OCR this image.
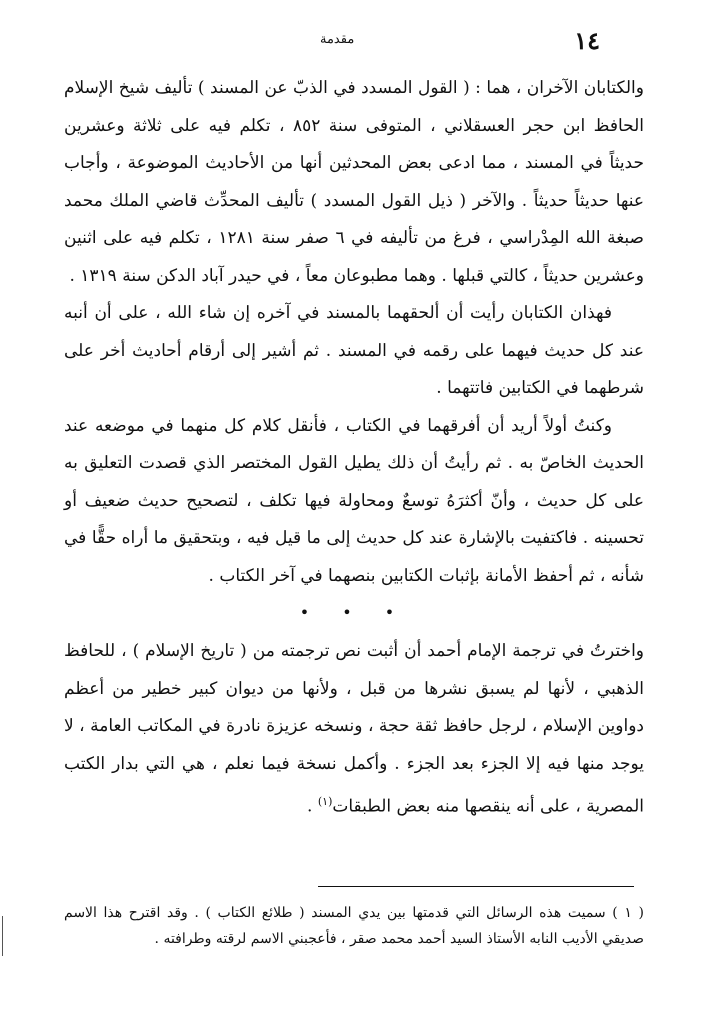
١٤
مقدمة

والكتابان الآخران ، هما : ( القول المسدد في الذبّ عن المسند ) تأليف شيخ الإسلام الحافظ ابن حجر العسقلاني ، المتوفى سنة ٨٥٢ ، تكلم فيه على ثلاثة وعشرين حديثاً في المسند ، مما ادعى بعض المحدثين أنها من الأحاديث الموضوعة ، وأجاب عنها حديثاً حديثاً . والآخر ( ذيل القول المسدد ) تأليف المحدِّث قاضي الملك محمد صبغة الله المِدْراسي ، فرغ من تأليفه في ٦ صفر سنة ١٢٨١ ، تكلم فيه على اثنين وعشرين حديثاً ، كالتي قبلها . وهما مطبوعان معاً ، في حيدر آباد الدكن سنة ١٣١٩ .

فهذان الكتابان رأيت أن ألحقهما بالمسند في آخره إن شاء الله ، على أن أنبه عند كل حديث فيهما على رقمه في المسند . ثم أشير إلى أرقام أحاديث أخر على شرطهما في الكتابين فاتتهما .

وكنتُ أولاً أريد أن أفرقهما في الكتاب ، فأنقل كلام كل منهما في موضعه عند الحديث الخاصّ به . ثم رأيتُ أن ذلك يطيل القول المختصر الذي قصدت التعليق به على كل حديث ، وأنّ أكثرَهُ توسعٌ ومحاولة فيها تكلف ، لتصحيح حديث ضعيف أو تحسينه . فاكتفيت بالإشارة عند كل حديث إلى ما قيل فيه ، وبتحقيق ما أراه حقًّا في شأنه ، ثم أحفظ الأمانة بإثبات الكتابين بنصهما في آخر الكتاب .

• • •

واخترتُ في ترجمة الإمام أحمد أن أثبت نص ترجمته من ( تاريخ الإسلام ) ، للحافظ الذهبي ، لأنها لم يسبق نشرها من قبل ، ولأنها من ديوان كبير خطير من أعظم دواوين الإسلام ، لرجل حافظ ثقة حجة ، ونسخه عزيزة نادرة في المكاتب العامة ، لا يوجد منها فيه إلا الجزء بعد الجزء . وأكمل نسخة فيما نعلم ، هي التي بدار الكتب المصرية ، على أنه ينقصها منه بعض الطبقات$^{(١)}$ .

( ١ ) سميت هذه الرسائل التي قدمتها بين يدي المسند ( طلائع الكتاب ) . وقد اقترح هذا الاسم صديقي الأديب النابه الأستاذ السيد أحمد محمد صقر ، فأعجبني الاسم لرقته وطرافته .
